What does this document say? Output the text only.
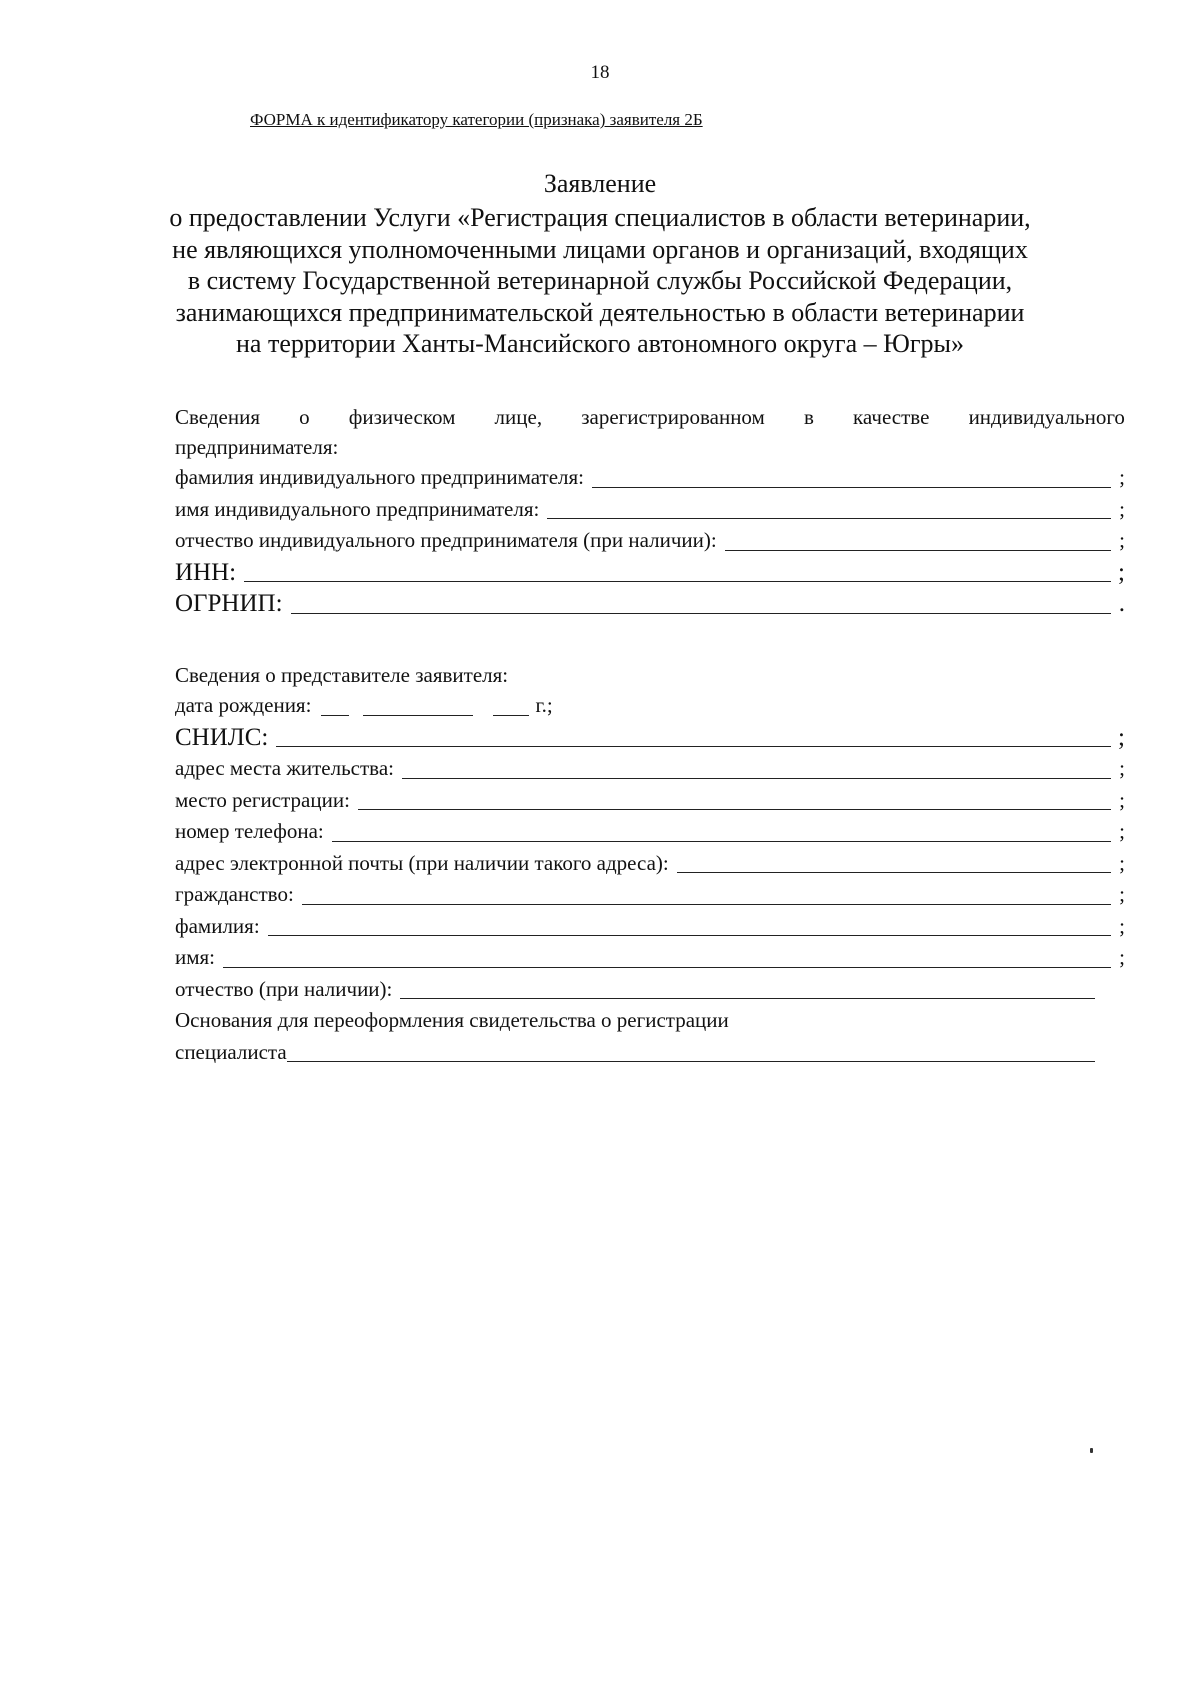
18
ФОРМА к идентификатору категории (признака) заявителя 2Б
Заявление
о предоставлении Услуги «Регистрация специалистов в области ветеринарии,
не являющихся уполномоченными лицами органов и организаций, входящих
в систему Государственной ветеринарной службы Российской Федерации,
занимающихся предпринимательской деятельностью в области ветеринарии
на территории Ханты-Мансийского автономного округа – Югры»
Сведения о физическом лице, зарегистрированном в качестве индивидуального
предпринимателя:
фамилия индивидуального предпринимателя:	;
имя индивидуального предпринимателя:	;
отчество индивидуального предпринимателя (при наличии):	;
ИНН:	;
ОГРНИП:	.
Сведения о представителе заявителя:
дата рождения:	г.;
СНИЛС:	;
адрес места жительства:	;
место регистрации:	;
номер телефона:	;
адрес электронной почты (при наличии такого адреса):	;
гражданство:	;
фамилия:	;
имя:	;
отчество (при наличии):
Основания для переоформления свидетельства о регистрации
специалиста
